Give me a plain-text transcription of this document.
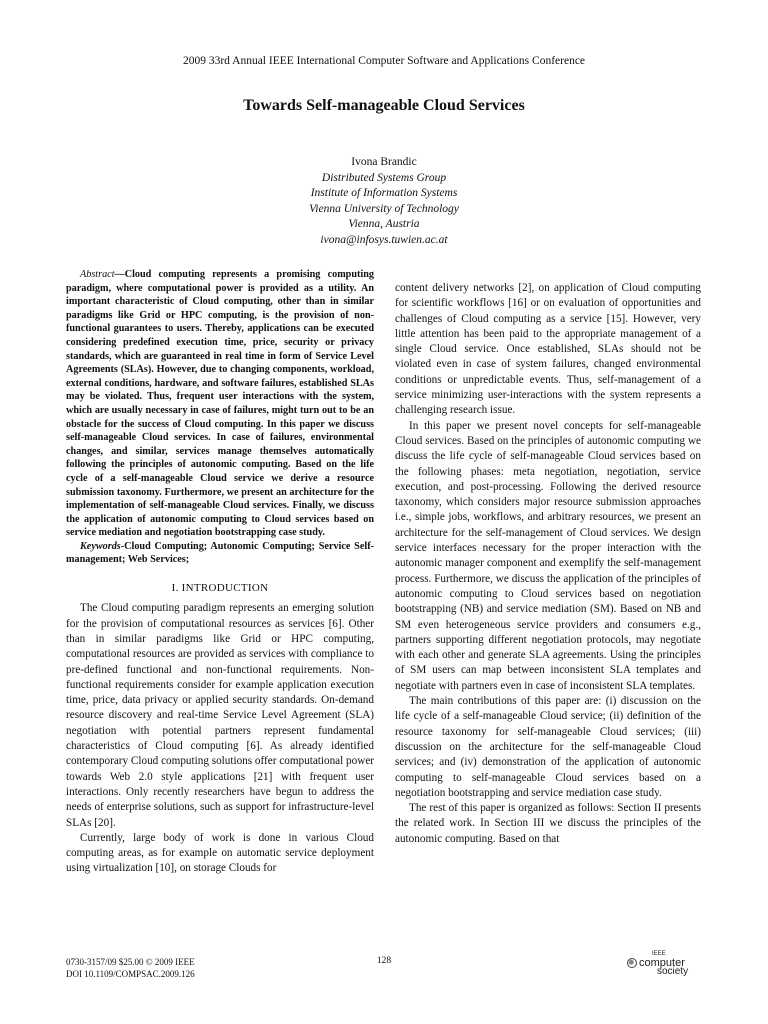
2009 33rd Annual IEEE International Computer Software and Applications Conference
Towards Self-manageable Cloud Services
Ivona Brandic
Distributed Systems Group
Institute of Information Systems
Vienna University of Technology
Vienna, Austria
ivona@infosys.tuwien.ac.at

Abstract—Cloud computing represents a promising computing paradigm, where computational power is provided as a utility. An important characteristic of Cloud computing, other than in similar paradigms like Grid or HPC computing, is the provision of non-functional guarantees to users. Thereby, applications can be executed considering predefined execution time, price, security or privacy standards, which are guaranteed in real time in form of Service Level Agreements (SLAs). However, due to changing components, workload, external conditions, hardware, and software failures, established SLAs may be violated. Thus, frequent user interactions with the system, which are usually necessary in case of failures, might turn out to be an obstacle for the success of Cloud computing. In this paper we discuss self-manageable Cloud services. In case of failures, environmental changes, and similar, services manage themselves automatically following the principles of autonomic computing. Based on the life cycle of a self-manageable Cloud service we derive a resource submission taxonomy. Furthermore, we present an architecture for the implementation of self-manageable Cloud services. Finally, we discuss the application of autonomic computing to Cloud services based on service mediation and negotiation bootstrapping case study.

Keywords-Cloud Computing; Autonomic Computing; Service Self-management; Web Services;

I. INTRODUCTION

The Cloud computing paradigm represents an emerging solution for the provision of computational resources as services [6]. Other than in similar paradigms like Grid or HPC computing, computational resources are provided as services with compliance to pre-defined functional and non-functional requirements. Non-functional requirements consider for example application execution time, price, data privacy or applied security standards. On-demand resource discovery and real-time Service Level Agreement (SLA) negotiation with potential partners represent fundamental characteristics of Cloud computing [6]. As already identified contemporary Cloud computing solutions offer computational power towards Web 2.0 style applications [21] with frequent user interactions. Only recently researchers have begun to address the needs of enterprise solutions, such as support for infrastructure-level SLAs [20].

Currently, large body of work is done in various Cloud computing areas, as for example on automatic service deployment using virtualization [10], on storage Clouds for

content delivery networks [2], on application of Cloud computing for scientific workflows [16] or on evaluation of opportunities and challenges of Cloud computing as a service [15]. However, very little attention has been paid to the appropriate management of a single Cloud service. Once established, SLAs should not be violated even in case of system failures, changed environmental conditions or unpredictable events. Thus, self-management of a service minimizing user-interactions with the system represents a challenging research issue.

In this paper we present novel concepts for self-manageable Cloud services. Based on the principles of autonomic computing we discuss the life cycle of self-manageable Cloud services based on the following phases: meta negotiation, negotiation, service execution, and post-processing. Following the derived resource taxonomy, which considers major resource submission approaches i.e., simple jobs, workflows, and arbitrary resources, we present an architecture for the self-management of Cloud services. We design service interfaces necessary for the proper interaction with the autonomic manager component and exemplify the self-management process. Furthermore, we discuss the application of the principles of autonomic computing to Cloud services based on negotiation bootstrapping (NB) and service mediation (SM). Based on NB and SM even heterogeneous service providers and consumers e.g., partners supporting different negotiation protocols, may negotiate with each other and generate SLA agreements. Using the principles of SM users can map between inconsistent SLA templates and negotiate with partners even in case of inconsistent SLA templates.

The main contributions of this paper are: (i) discussion on the life cycle of a self-manageable Cloud service; (ii) definition of the resource taxonomy for self-manageable Cloud services; (iii) discussion on the architecture for the self-manageable Cloud services; and (iv) demonstration of the application of autonomic computing to self-manageable Cloud services based on a negotiation bootstrapping and service mediation case study.

The rest of this paper is organized as follows: Section II presents the related work. In Section III we discuss the principles of the autonomic computing. Based on that

0730-3157/09 $25.00 © 2009 IEEE
DOI 10.1109/COMPSAC.2009.126
128
IEEE
computer
society
